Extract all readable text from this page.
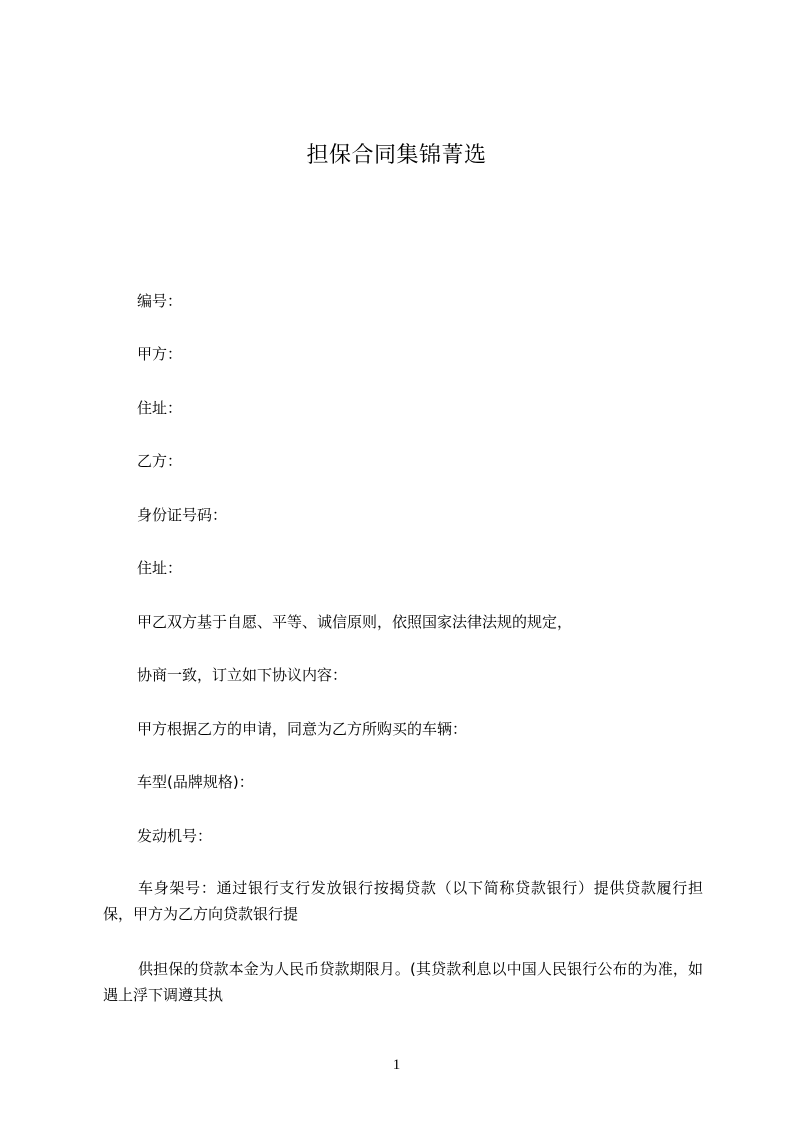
担保合同集锦菁选
编号：
甲方：
住址：
乙方：
身份证号码：
住址：
甲乙双方基于自愿、平等、诚信原则，依照国家法律法规的规定，
协商一致，订立如下协议内容：
甲方根据乙方的申请，同意为乙方所购买的车辆：
车型(品牌规格)：
发动机号：
车身架号：通过银行支行发放银行按揭贷款（以下简称贷款银行）提供贷款履行担保，甲方为乙方向贷款银行提
供担保的贷款本金为人民币贷款期限月。(其贷款利息以中国人民银行公布的为准，如遇上浮下调遵其执
1
